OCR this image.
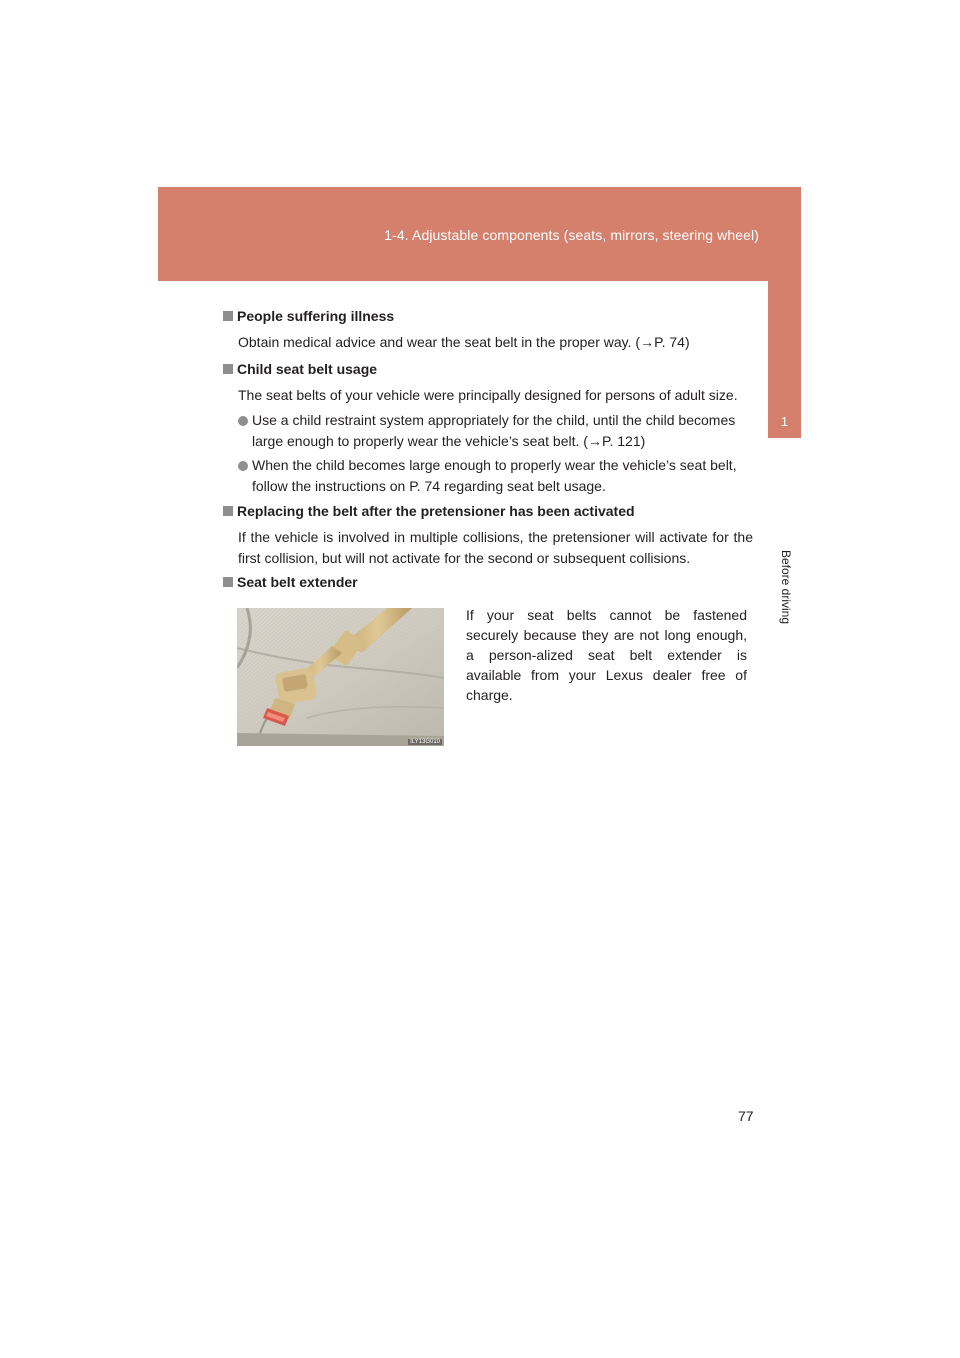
1-4. Adjustable components (seats, mirrors, steering wheel)
1
Before driving
People suffering illness
Obtain medical advice and wear the seat belt in the proper way. (→P. 74)
Child seat belt usage
The seat belts of your vehicle were principally designed for persons of adult size.
Use a child restraint system appropriately for the child, until the child becomes large enough to properly wear the vehicle’s seat belt. (→P. 121)
When the child becomes large enough to properly wear the vehicle’s seat belt, follow the instructions on P. 74 regarding seat belt usage.
Replacing the belt after the pretensioner has been activated
If the vehicle is involved in multiple collisions, the pretensioner will activate for the first collision, but will not activate for the second or subsequent collisions.
Seat belt extender
ILY13G010
If your seat belts cannot be fastened securely because they are not long enough, a person-alized seat belt extender is available from your Lexus dealer free of charge.
77
